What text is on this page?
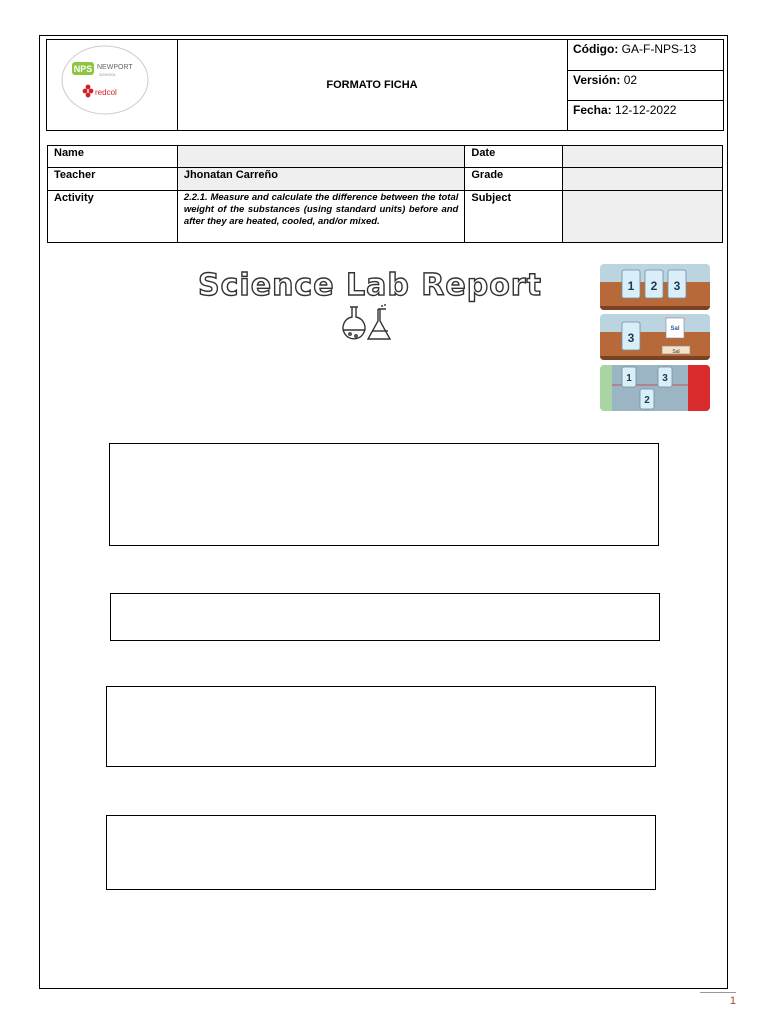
NPS NEWPORT
SCHOOL
redcol
FORMATO FICHA
Código: GA-F-NPS-13
Versión: 02
Fecha: 12-12-2022
Name		Date	
Teacher	Jhonatan Carreño	Grade	
Activity	2.2.1. Measure and calculate the difference between the total weight of the substances (using standard units) before and after they are heated, cooled, and/or mixed.	Subject	
Science Lab Report	1 2 3
3
Sal
Sal
1	3
2
1
